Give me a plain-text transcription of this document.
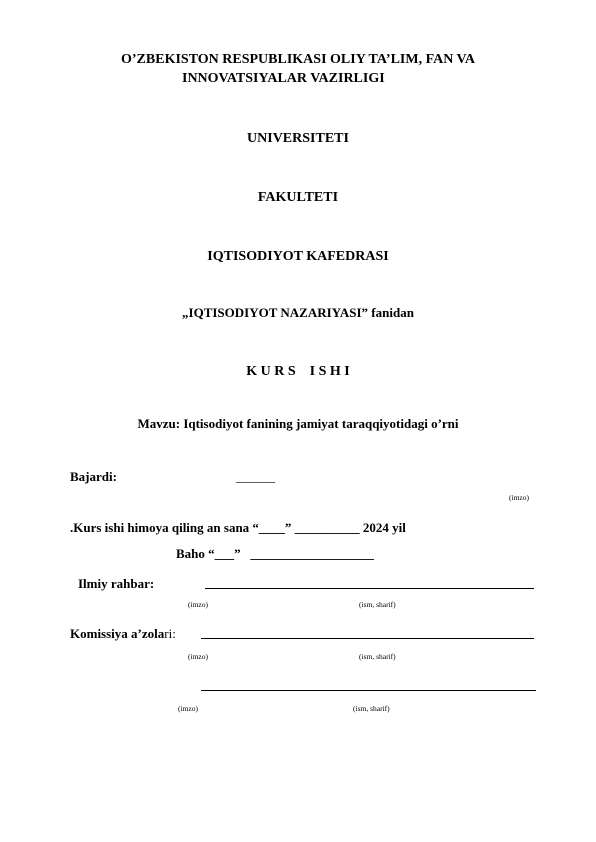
O’ZBEKISTON RESPUBLIKASI OLIY TA’LIM, FAN VA
INNOVATSIYALAR VAZIRLIGI
UNIVERSITETI
FAKULTETI
IQTISODIYOT KAFEDRASI
„IQTISODIYOT NAZARIYASI” fanidan
K U R S    I S H I
Mavzu: Iqtisodiyot fanining jamiyat taraqqiyotidagi o’rni
Bajardi:	______
(imzo)
.Kurs ishi himoya qiling an sana “____” __________ 2024 yil
Baho “___”   ___________________
Ilmiy rahbar:
(imzo)	(ism, sharif)
Komissiya a’zolari:
(imzo)	(ism, sharif)
(imzo)	(ism, sharif)
